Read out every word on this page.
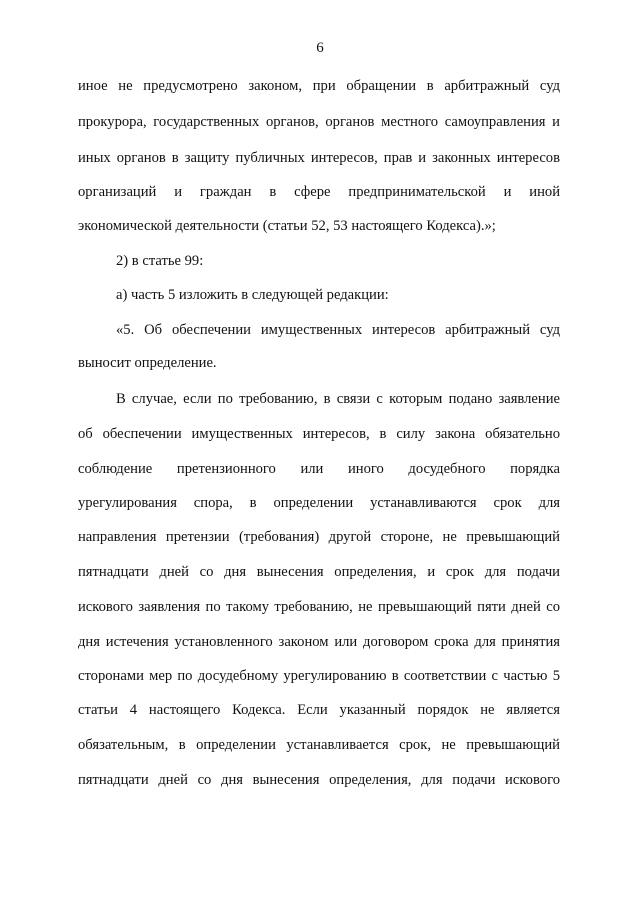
6
иное не предусмотрено законом, при обращении в арбитражный суд
прокурора, государственных органов, органов местного самоуправления и
иных органов в защиту публичных интересов, прав и законных интересов
организаций и граждан в сфере предпринимательской и иной
экономической деятельности (статьи 52, 53 настоящего Кодекса).»;
2) в статье 99:
а) часть 5 изложить в следующей редакции:
«5. Об обеспечении имущественных интересов арбитражный суд
выносит определение.
В случае, если по требованию, в связи с которым подано заявление
об обеспечении имущественных интересов, в силу закона обязательно
соблюдение претензионного или иного досудебного порядка
урегулирования спора, в определении устанавливаются срок для
направления претензии (требования) другой стороне, не превышающий
пятнадцати дней со дня вынесения определения, и срок для подачи
искового заявления по такому требованию, не превышающий пяти дней со
дня истечения установленного законом или договором срока для принятия
сторонами мер по досудебному урегулированию в соответствии с частью 5
статьи 4 настоящего Кодекса. Если указанный порядок не является
обязательным, в определении устанавливается срок, не превышающий
пятнадцати дней со дня вынесения определения, для подачи искового
